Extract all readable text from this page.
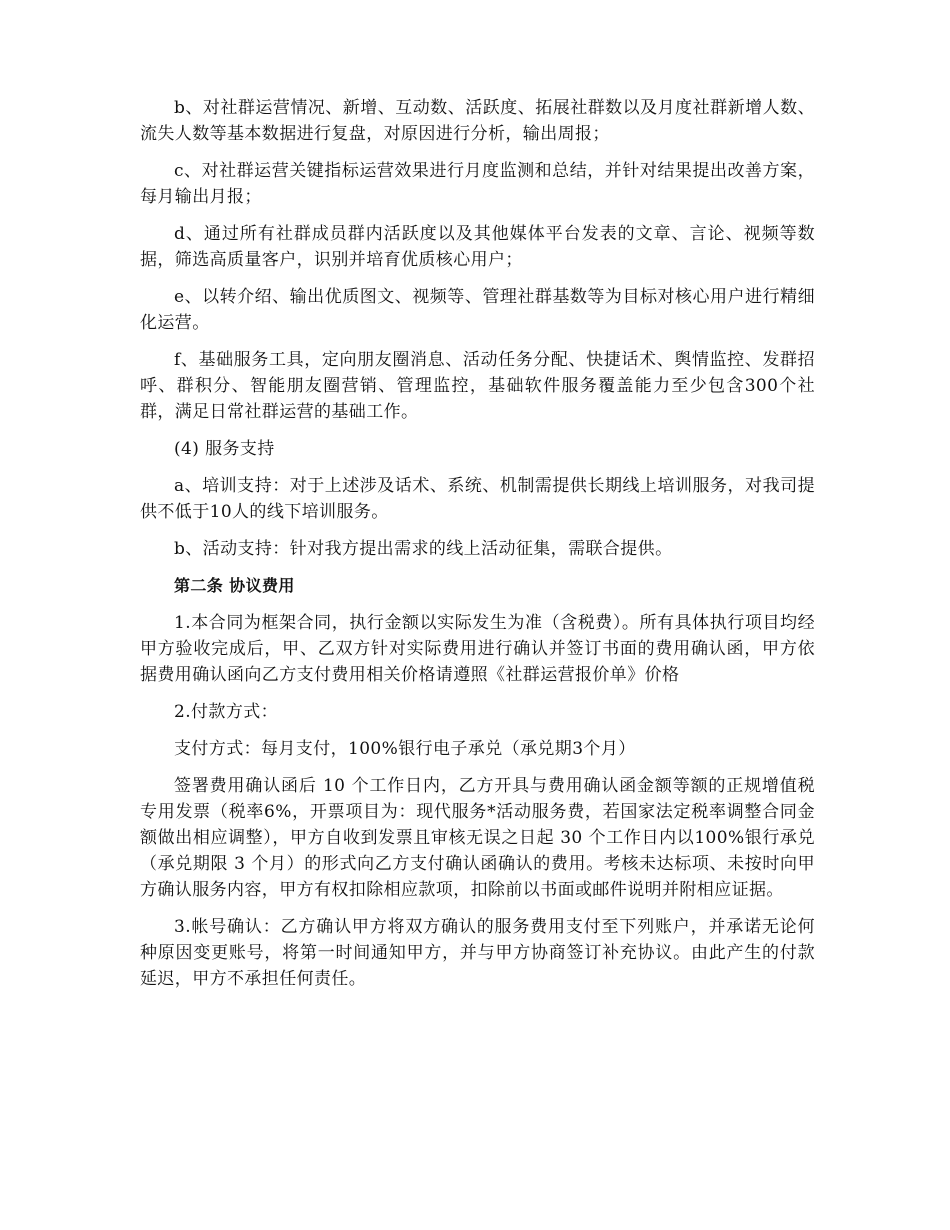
b、对社群运营情况、新增、互动数、活跃度、拓展社群数以及月度社群新增人数、流失人数等基本数据进行复盘，对原因进行分析，输出周报；

c、对社群运营关键指标运营效果进行月度监测和总结，并针对结果提出改善方案，每月输出月报；

d、通过所有社群成员群内活跃度以及其他媒体平台发表的文章、言论、视频等数据，筛选高质量客户，识别并培育优质核心用户；

e、以转介绍、输出优质图文、视频等、管理社群基数等为目标对核心用户进行精细化运营。

f、基础服务工具，定向朋友圈消息、活动任务分配、快捷话术、舆情监控、发群招呼、群积分、智能朋友圈营销、管理监控，基础软件服务覆盖能力至少包含300个社群，满足日常社群运营的基础工作。

(4) 服务支持

a、培训支持：对于上述涉及话术、系统、机制需提供长期线上培训服务，对我司提供不低于10人的线下培训服务。

b、活动支持：针对我方提出需求的线上活动征集，需联合提供。

第二条 协议费用

1.本合同为框架合同，执行金额以实际发生为准（含税费）。所有具体执行项目均经甲方验收完成后，甲、乙双方针对实际费用进行确认并签订书面的费用确认函，甲方依据费用确认函向乙方支付费用相关价格请遵照《社群运营报价单》价格

2.付款方式：

支付方式：每月支付，100%银行电子承兑（承兑期3个月）

签署费用确认函后 10 个工作日内，乙方开具与费用确认函金额等额的正规增值税专用发票（税率6%，开票项目为：现代服务*活动服务费，若国家法定税率调整合同金额做出相应调整），甲方自收到发票且审核无误之日起 30 个工作日内以100%银行承兑（承兑期限 3 个月）的形式向乙方支付确认函确认的费用。考核未达标项、未按时向甲方确认服务内容，甲方有权扣除相应款项，扣除前以书面或邮件说明并附相应证据。

3.帐号确认：乙方确认甲方将双方确认的服务费用支付至下列账户，并承诺无论何种原因变更账号，将第一时间通知甲方，并与甲方协商签订补充协议。由此产生的付款延迟，甲方不承担任何责任。
